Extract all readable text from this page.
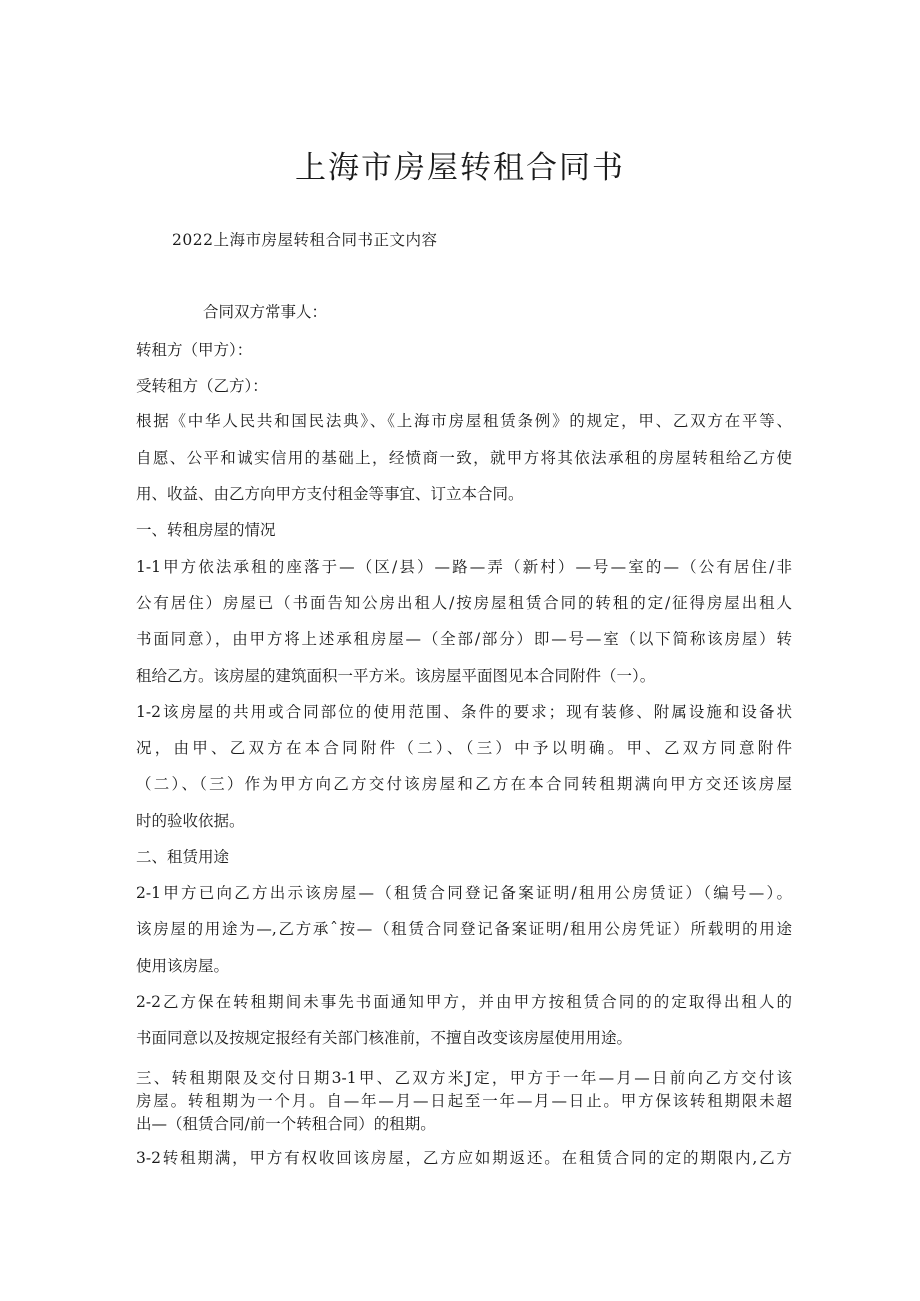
上海市房屋转租合同书
2022上海市房屋转租合同书正文内容
合同双方常事人：
转租方（甲方）：
受转租方（乙方）：
根据《中华人民共和国民法典》、《上海市房屋租赁条例》的规定，甲、乙双方在平等、
自愿、公平和诚实信用的基础上，经愤商一致，就甲方将其依法承租的房屋转租给乙方使
用、收益、由乙方向甲方支付租金等事宜、订立本合同。
一、转租房屋的情况
1-1甲方依法承租的座落于—（区/县）—路—弄（新村）—号—室的—（公有居住/非
公有居住）房屋已（书面告知公房出租人/按房屋租赁合同的转租的定/征得房屋出租人
书面同意），由甲方将上述承租房屋—（全部/部分）即—号—室（以下简称该房屋）转
租给乙方。该房屋的建筑面积一平方米。该房屋平面图见本合同附件（一）。
1-2该房屋的共用或合同部位的使用范围、条件的要求；现有装修、附属设施和设备状
况，由甲、乙双方在本合同附件（二）、（三）中予以明确。甲、乙双方同意附件
（二）、（三）作为甲方向乙方交付该房屋和乙方在本合同转租期满向甲方交还该房屋
时的验收依据。
二、租赁用途
2-1甲方已向乙方出示该房屋—（租赁合同登记备案证明/租用公房赁证）（编号—）。
该房屋的用途为—,乙方承ˆ按—（租赁合同登记备案证明/租用公房凭证）所载明的用途
使用该房屋。
2-2乙方保在转租期间未事先书面通知甲方，并由甲方按租赁合同的的定取得出租人的
书面同意以及按规定报经有关部门核准前，不擅自改变该房屋使用用途。
三、转租期限及交付日期3-1甲、乙双方米J定，甲方于一年—月—日前向乙方交付该
房屋。转租期为一个月。自—年—月—日起至一年—月—日止。甲方保该转租期限未超
出—（租赁合同/前一个转租合同）的租期。
3-2转租期满，甲方有权收回该房屋，乙方应如期返还。在租赁合同的定的期限内,乙方
